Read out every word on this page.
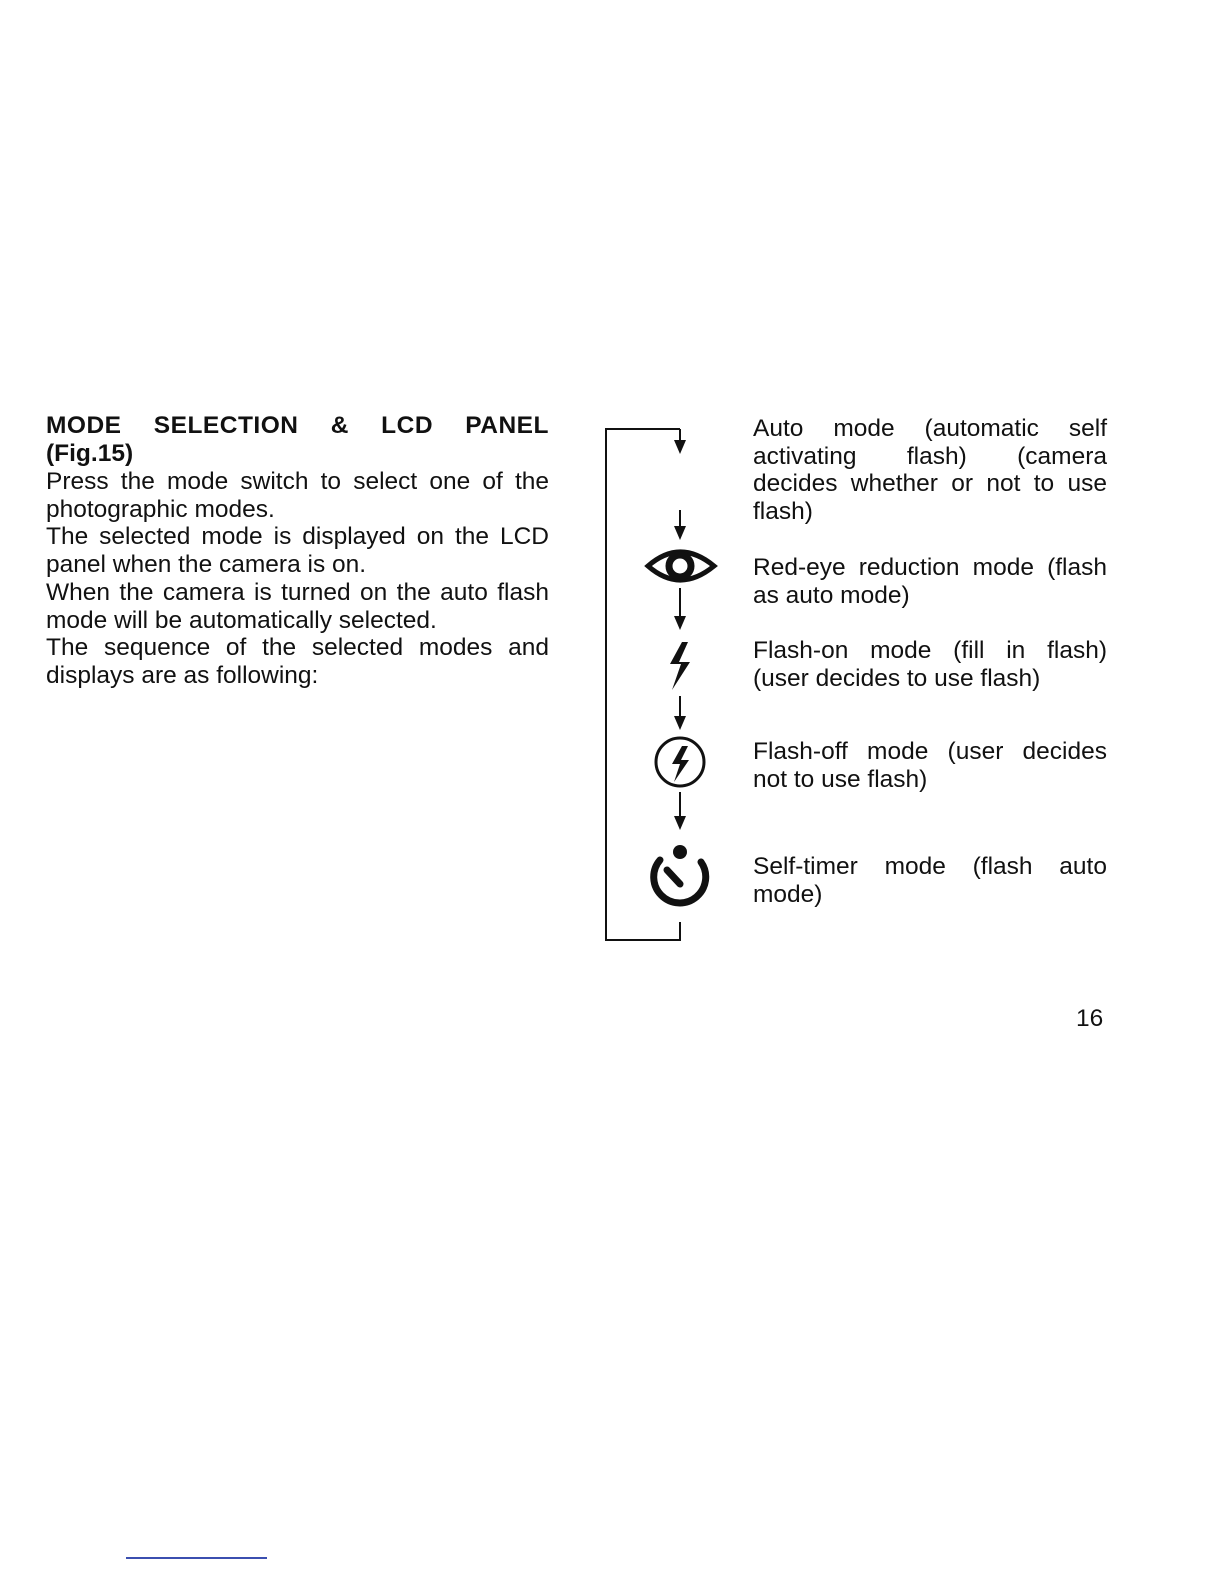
MODE SELECTION & LCD PANEL

(Fig.15)

Press the mode switch to select one of the photographic modes.

The selected mode is displayed on the LCD panel when the camera is on.

When the camera is turned on the auto flash mode will be automatically selected.

The sequence of the selected modes and displays are as following:

Auto mode (automatic self activating flash) (camera decides whether or not to use flash)

Red-eye reduction mode (flash as auto mode)

Flash-on mode (fill in flash) (user decides to use flash)

Flash-off mode (user decides not to use flash)

Self-timer mode (flash auto mode)

16
